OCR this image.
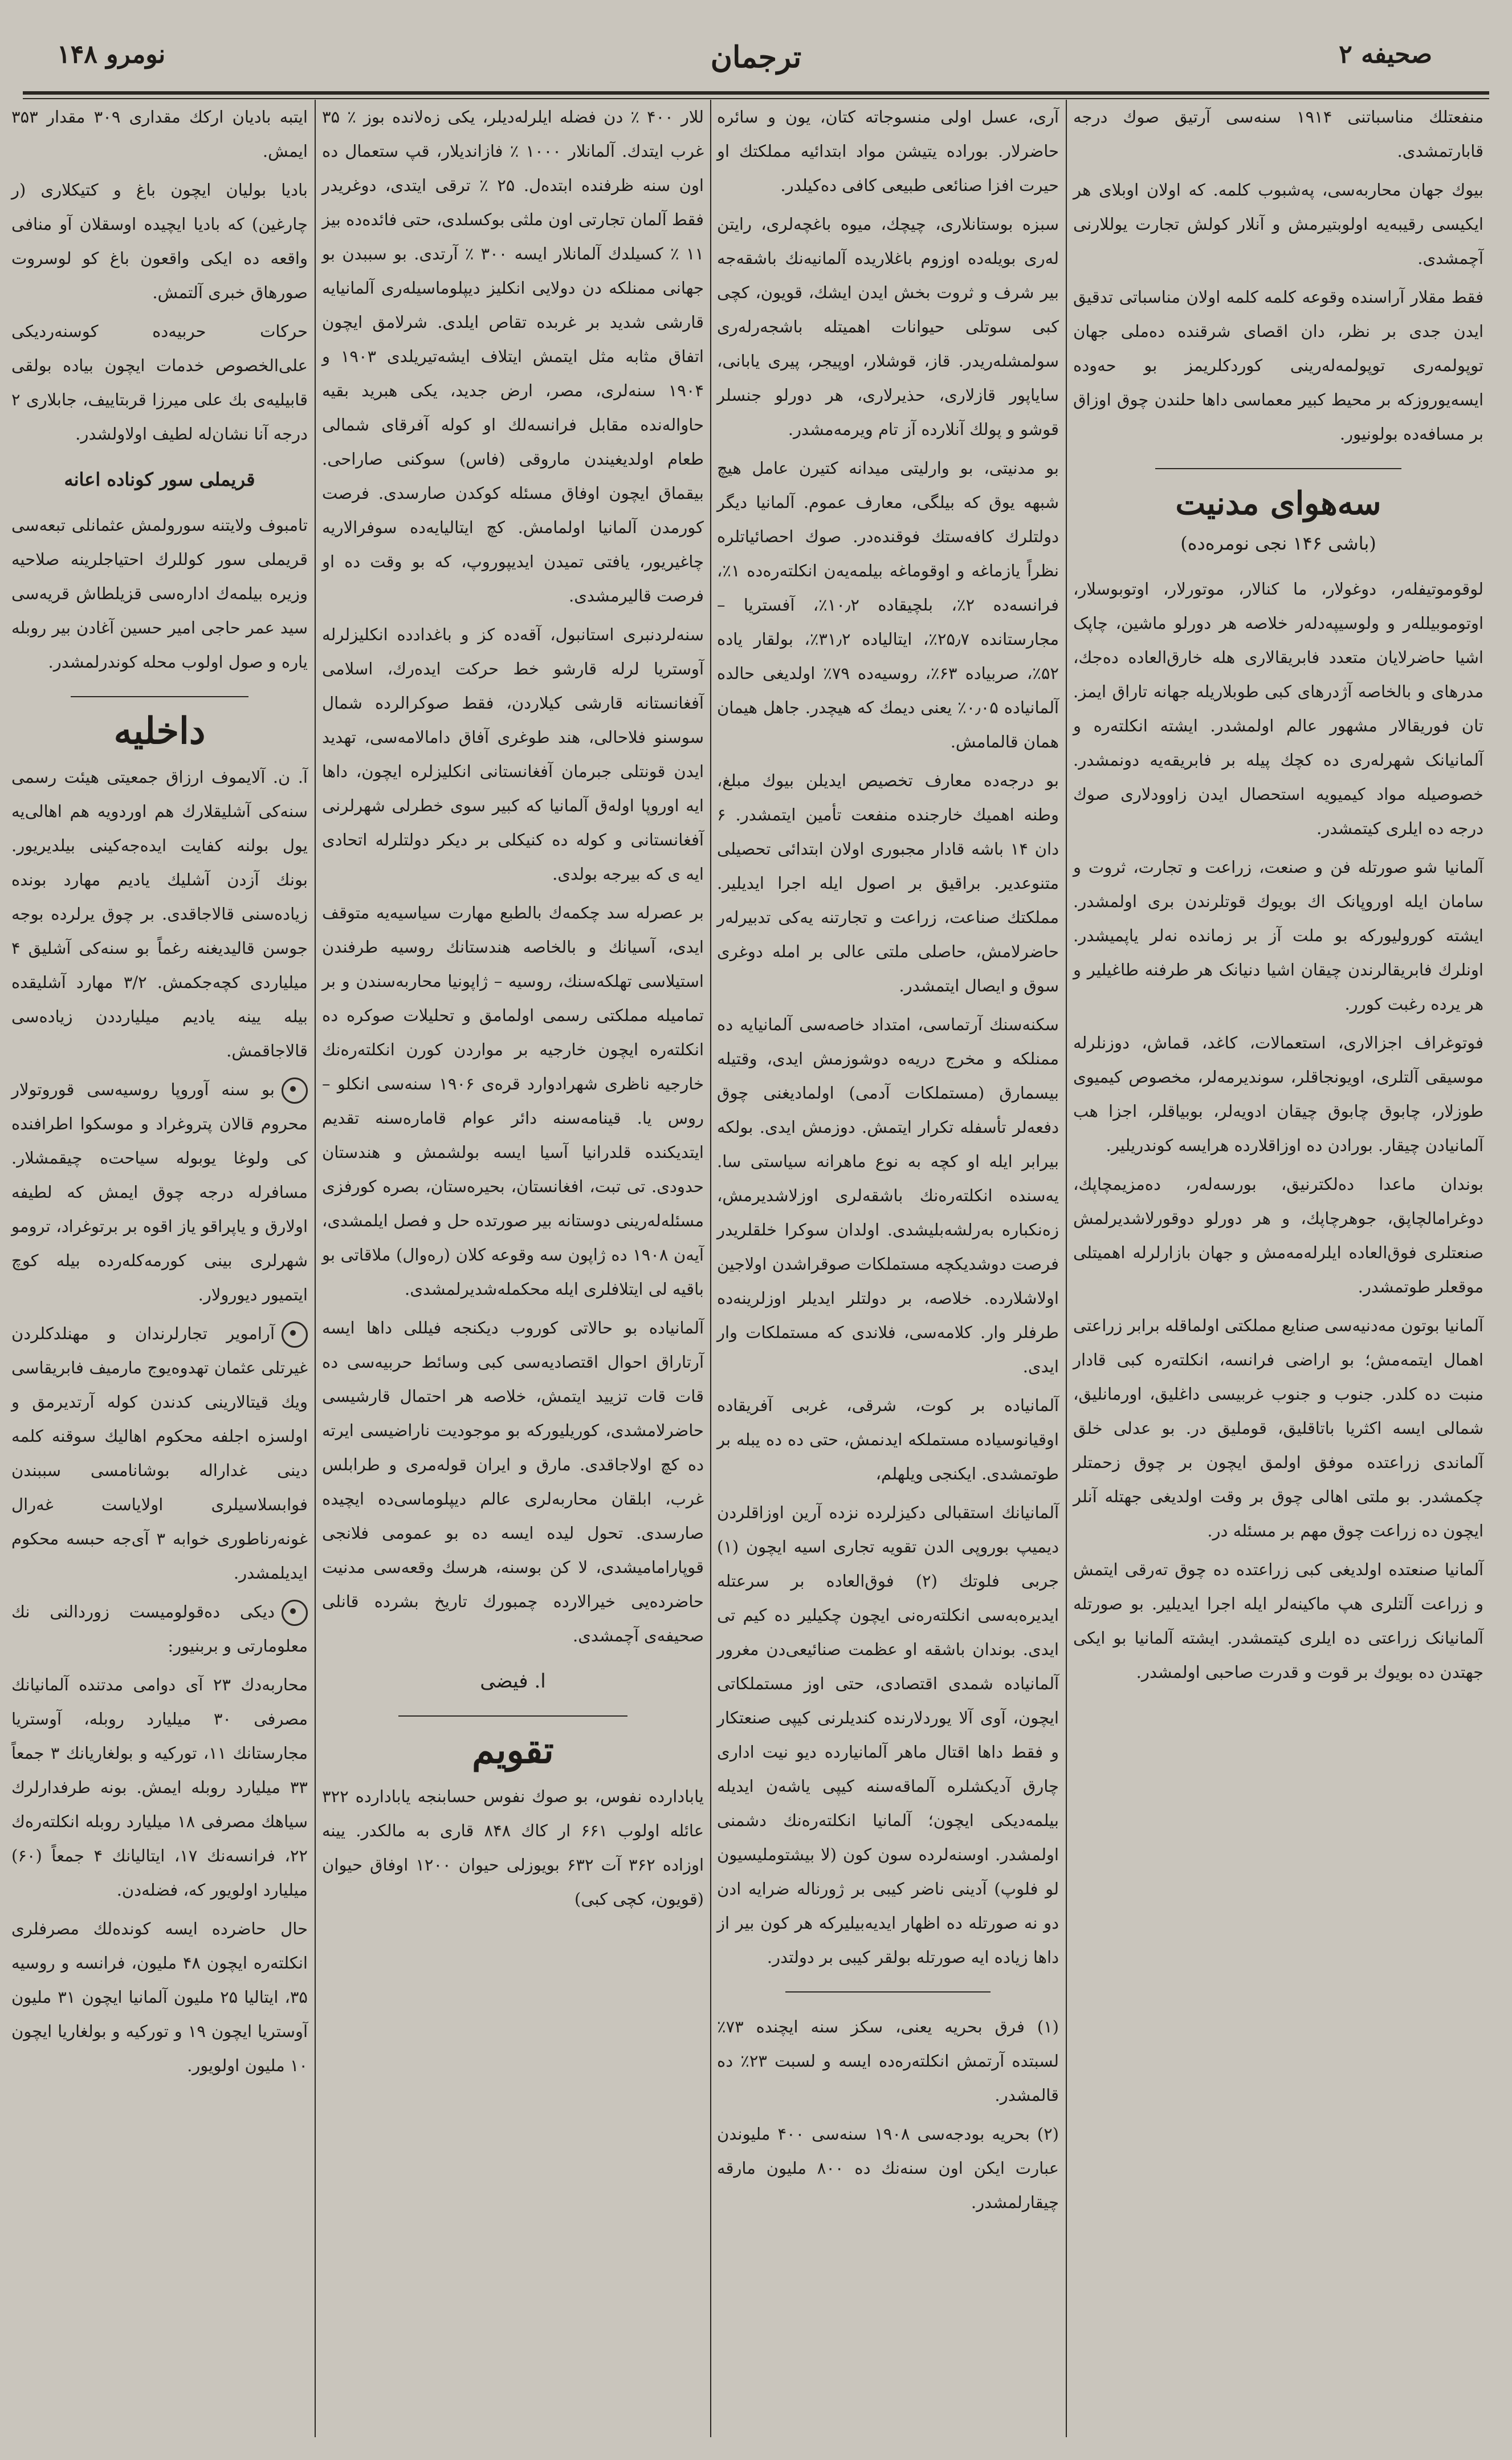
صحیفه ۲
ترجمان
نومرو ۱۴۸

منفعتلك مناسباتنی ۱۹۱۴ سنەسی آرتیق صوك درجه قابارتمشدی.

بیوك جهان محاربەسی، پەشبوب کلمه. که اولان اوبلای هر ایکیسی رقیبەیه اولوبتیرمش و آنلار کولش تجارت یوللارنی آچمشدی.

فقط مقلار آراسنده وقوعه کلمه کلمه اولان مناسباتی تدقیق ایدن جدی بر نظر، دان اقصای شرقنده دەملی جهان توپولمەری توپولمەلەرینی کوردکلریمز بو حەوده ایسەیوروزکه بر محیط کبیر معماسی داها حلندن چوق اوزاق بر مسافەده بولونیور.

سەهوای مدنیت
(باشی ۱۴۶ نجی نومرەده)

لوقوموتیفلەر، دوغولار، ما کنالار، موتورلار، اوتوبوسلار، اوتوموبیللەر و ولوسیپەدلەر خلاصه هر دورلو ماشین، چاپک اشیا حاضرلایان متعدد فابریقالاری هله خارق‌العاده دەجك، مدرهای و بالخاصه آژدرهای کبی طوبلاریله جهانه تاراق ایمز. تان فوریقالار مشهور عالم اولمشدر. ایشته انکلتەره و آلمانیانک شهرلەری ده کچك پیله بر فابریقه‌یه دونمشدر. خصوصیله مواد کیمیویه استحصال ایدن زاوودلاری صوك درجه دە ایلری کیتمشدر.

آلمانیا شو صورتله فن و صنعت، زراعت و تجارت، ثروت و سامان ایله اوروپانک اك بویوك قوتلرندن بری اولمشدر. ایشته کورولیورکه بو ملت آز بر زمانده نەلر یاپمیشدر. اونلرك فابریقالرندن چیقان اشیا دنیانک هر طرفنه طاغیلیر و هر یرده رغبت کورر.

فوتوغراف اجزالاری، استعمالات، کاغد، قماش، دوزنلرله موسیقی آلتلری، اویونجاقلر، سوندیرمه‌لر، مخصوص کیمیوی طوزلار، چابوق چابوق چیقان ادویه‌لر، بوبیاقلر، اجزا هب آلمانیادن چیقار. بورادن ده اوزاقلارده هرایسه کوندریلیر.

بوندان ماعدا دەلکترنیق، بورسەلەر، دەمزیمچاپك، دوغرامالچاپق، جوهرچاپك، و هر دورلو دوقورلاشدیرلمش صنعتلری فوق‌العاده ایلرلەمەمش و جهان بازارلرلە اهمیتلی موقعلر طوتمشدر.

آلمانیا بوتون مەدنیەسی صنایع مملکتی اولماقله برابر زراعتی اهمال ایتمەمش؛ بو اراضی فرانسه، انکلتەره کبی قادار منبت ده کلدر. جنوب و جنوب غربیسی داغلیق، اورمانلیق، شمالی ایسه اکثریا باتاقلیق، قوملیق در. بو عدلی خلق آلماندی زراعتده موفق اولمق ایچون بر چوق زحمتلر چکمشدر. بو ملتی اهالی چوق بر وقت اولدیغی جهتله آنلر ایچون ده زراعت چوق مهم بر مسئله در.

آلمانیا صنعتده اولدیغی کبی زراعتده ده چوق تەرقی ایتمش و زراعت آلتلری هپ ماکینەلر ایله اجرا ایدیلیر. بو صورتله آلمانیانک زراعتی ده ایلری کیتمشدر. ایشته آلمانیا بو ایکی جهتدن ده بویوك بر قوت و قدرت صاحبی اولمشدر.

آری، عسل اولی منسوجاته کتان، یون و سائره حاضرلار. بورادە یتیشن مواد ابتدائیه مملکتك او حیرت افزا صنائعی طبیعی کافی دەکیلدر.

سبزه بوستانلاری، چیچك، میوه باغچەلری، رایتن لەری بویلەده اوزوم باغلاریدە آلمانیەنك باشقەجه بیر شرف و ثروت بخش ایدن ایشك، قویون، کچی کبی سوتلی حیوانات اهمیتله باشجەرلەری سولمشلەریدر. قاز، قوشلار، اوپیجر، پیری یابانی، سایاپور قازلاری، حذیرلاری، هر دورلو جنسلر قوشو و پولك آنلاردە آز تام ویرمەمشدر.

بو مدنیتی، بو وارلیتی میدانه کتیرن عامل هیچ شبهه یوق که بیلگی، معارف عموم. آلمانیا دیگر دولتلرك کافه‌ستك فوقندەدر. صوك احصائیاتلره نظراً یازماغه و اوقوماغه بیلمەیەن انکلتەرەده ۱٪، فرانسەده ۲٪، بلچیقاده ۱۰٫۲٪، آفستریا – مجارستانده ۲۵٫۷٪، ایتالیاده ۳۱٫۲٪، بولقار یاده ۵۲٪، صربیاده ۶۳٪، روسیەده ۷۹٪ اولدیغی حالده آلمانیاده ۰٫۰۵٪ یعنی دیمك که هیچدر. جاهل هیمان همان قالمامش.

بو درجه‌ده معارف تخصیص ایدیلن بیوك مبلغ، وطنه اهمیك خارجنده منفعت تأمین ایتمشدر. ۶ دان ۱۴ باشه قادار مجبوری اولان ابتدائی تحصیلی متنوعدیر. براقیق بر اصول ایله اجرا ایدیلیر. مملکتك صناعت، زراعت و تجارتنه یەکی تدبیرلەر حاضرلامش، حاصلی ملتی عالی بر امله دوغری سوق و ایصال ایتمشدر.

سکنەسنك آرتماسی، امتداد خاصه‌سی آلمانیایه دە ممنلکه و مخرج دریه‌ه دوشوزمش ایدی، وقتیله بیسمارق (مستملکات آدمی) اولمادیغنی چوق دفعه‌لر تأسفله تکرار ایتمش. دوزمش ایدی. بولکه بیرابر ایله او کچه به نوع ماهرانه سیاستی سا. یەسنده انکلتەرەنك باشقەلری اوزلاشدیرمش، زەنکباره بەرلشەبلیشدی. اولدان سوکرا خلقلریدر فرصت دوشدیکچە مستملکات صوقراشدن اولاجین اولاشلارده. خلاصه، بر دولتلر ایدیلر اوزلرینه‌ده طرفلر وار. کلامەسی، فلاندی که مستملکات وار ایدی.

آلمانیادە بر کوت، شرقی، غربی آفریقاده اوقیانوسیاده مستملکه ایدنمش، حتی ده ده یبلە بر طوتمشدی. ایکنجی ویلهلم،

آلمانیانك استقبالی دکیزلرده نزده آرین اوزاقلردن دیمیپ بوروپی الدن تقویه تجاری اسیه ایچون (۱) جربی فلوتك (۲) فوق‌العاده بر سرعتله ایدیرەبەسی انکلتەرەنی ایچون چکیلیر ده کیم تی ایدی. بوندان باشقه او عظمت صنائیعی‌دن مغرور آلمانیاده شمدی اقتصادی، حتی اوز مستملکاتی ایچون، آوی آلا یوردلارنده کندیلرنی کیپی صنعتکار و فقط داها اقتال ماهر آلمانیارده دیو نیت اداری چارق آدیكشلره آلماقه‌سنه کیپی یاشەن ایدیله بیلمەدیکی ایچون؛ آلمانیا انکلتەرەنك دشمنی اولمشدر. اوسنەلرده سون کون (لا بیشتوملیسیون لو فلوپ) آدینی ناضر کیبی بر ژورناله ضرایه ادن دو نه صورتله ده اظهار ایدیه‌بیلیرکه هر کون بیر از داها زیاده ایه صورتله بولقر کیبی بر دولتدر.

(۱) فرق بحریه یعنی، سکز سنه ایچنده ۷۳٪ لسبتده آرتمش انکلتەره‌ده ایسه و لسبت ۲۳٪ ده قالمشدر.

(۲) بحریه بودجه‌سی ۱۹۰۸ سنەسی ۴۰۰ ملیوندن عبارت ایکن اون سنه‌نك ده ۸۰۰ ملیون مارقه چیقارلمشدر.

للار ۴۰۰ ٪ دن فضله ایلرله‌دیلر، یکی زەلاندە بوز ٪ ۳۵ غرب ایتدك. آلمانلار ۱۰۰۰ ٪ فازاندیلار، قپ ستعمال ده اون سنه ظرفنده ابتدەل. ۲۵ ٪ ترقی ایتدی، دوغریدر فقط آلمان تجارتی اون ملثی بوکسلدی، حتی فائدەده بیز ۱۱ ٪ کسیلدك آلمانلار ایسه ۳۰۰ ٪ آرتدی. بو سببدن بو جهانی ممنلکه دن دولایی انکلیز دیپلوماسیلەری آلمانیایه قارشی شدید بر غربده تقاص ایلدی. شرلامق ایچون اتفاق مثابه مثل ایتمش ایتلاف ایشه‌تیریلدی ۱۹۰۳ و ۱۹۰۴ سنه‌لری، مصر، ارض جدید، یکی هبرید بقیه حاوالەنده مقابل فرانسه‌لك او کوله آفرقای شمالی طعام اولدیغیندن ماروقی (فاس) سوکنی صاراحی. بیقماق ایچون اوفاق مسئله کوکدن صارسدی. فرصت کورمدن آلمانیا اولمامش. کچ ایتالیایەده سوفرالاریه چاغیریور، یافتی تمیدن ایدیپوروپ، که بو وقت ده او فرصت قالیرمشدی.

سنه‌لردنبری استانبول، آقەده کز و باغدادده انکلیزلرله آوستریا لرله قارشو خط حرکت ایده‌رك، اسلامی آفغانستانه قارشی کیلاردن، فقط صوکرالرده شمال سوسنو فلاحالی، هند طوغری آفاق دامالامه‌سی، تهدید ایدن قونتلی جبرمان آفغانستانی انکلیزلره ایچون، داها ایه اوروپا اولەق آلمانیا که کبیر سوی خطرلی شهرلرنی آفغانستانی و کوله ده کنیكلی بر دیکر دولتلرله اتحادی ایه ی که بیرجه بولدی.

بر عصرلە سد چکمەك بالطبع مهارت سیاسیه‌یه متوقف ایدی، آسیانك و بالخاصه هندستانك روسیه طرفندن استیلاسی تهلکه‌سنك، روسیه – ژاپونیا محاربەسندن و بر تمامیله مملکتی رسمی اولمامق و تحلیلات صوکره ده انکلتەره ایچون خارجیه بر مواردن کورن انکلتەره‌نك خارجیه ناظری شهرادوارد قرەی ۱۹۰۶ سنەسی انکلو – روس یا. قینامه‌سنه دائر عوام قامارەسنه تقدیم ایتدیکنده قلدرانیا آسیا ایسه بولشمش و هندستان حدودی. تی تبت، افغانستان، بحیرەستان، بصره کورفزی مسئلەلەرینی دوستانه بیر صورتده حل و فصل ایلمشدی، آیەن ۱۹۰۸ ده ژاپون سه وقوعه کلان (رەوال) ملاقاتی بو باقیه لی ایتلافلری ایله محکملەشدیرلمشدی.

آلمانیاده بو حالاتی کوروب دیکنجه فیللی داها ایسه آرتاراق احوال اقتصادیه‌سی کبی وسائط حربیه‌سی ده قات قات تزیید ایتمش، خلاصه هر احتمال قارشیسی حاضرلامشدی، کوریلیورکه بو موجودیت ناراضیسی ایرته ده کچ اولاجاقدی. مارق و ایران قولەمری و طرابلس غرب، ابلقان محاربەلری عالم دیپلوماسی‌ده ایچیده صارسدی. تحول لیده ایسه ده بو عمومی فلانجی قوپارامامیشدی، لا کن بوسنه، هرسك وقعه‌سی مدنیت حاضرده‌یی خیرالارده چمبورك تاریخ بشرده قانلی صحیفه‌ی آچمشدی.

ا. فیضی
تقویم

یابادارده نفوس، بو صوك نفوس حسابنجه یابادارده ۳۲۲ عائله اولوب ۶۶۱ ار کاك ۸۴۸ قاری به مالکدر. یینه اوزاده ۳۶۲ آت ۶۳۲ بویوزلی حیوان ۱۲۰۰ اوفاق حیوان (قویون، کچی کبی)

ایتبه بادیان ارکك مقداری ۳۰۹ مقدار ۳۵۳ ایمش.

بادیا بولیان ایچون باغ و کتیکلاری (ر چارغین) که بادیا ایچیده اوسقلان آو منافی واقعه ده ایکی واقعون باغ کو لوسروت صورهاق خبری آلتمش.

حرکات حربیه‌ده کوسنه‌ردیکی علی‌الخصوص خدمات ایچون بیاده بولقی قابیلیه‌ی بك علی میرزا قربتاییف، جابلاری ۲ درجه آنا نشان‌له لطیف اولاولشدر.

قریملی سور کوناده اعانه

تامبوف ولایتنه سورولمش عثمانلی تبعه‌سی قریملی سور کوللرك احتیاجلرینه صلاحیه وزیره بیلمه‌ك اداره‌سی قزیلطاش قریەسی سید عمر حاجی امیر حسین آغا‌دن بیر روبله یاره و صول اولوب محله کوندرلمشدر.

داخلیه

آ. ن. آلایموف ارزاق جمعیتی هیئت رسمی سنه‌کی آشلیقلارك هم اوردو‌یه هم اهالی‌یه یول بولنه کفایت ایده‌جه‌کینی بیلدیریور. بونك آزدن آشلیك یادیم مهارد بونده زیاده‌سنی قالاجاقدی. بر چوق یرلرده بوجه جوسن قالیدیغنه رغماً بو سنه‌کی آشلیق ۴ میلیاردی کچه‌جکمش. ۳/۲ مهارد آشلیقده بیله یینه یادیم میلیارددن زیاده‌سی قالاجاقمش.

بو سنه آوروپا روسیه‌سی قوروتولار محروم قالان پتروغراد و موسکوا اطرافنده کی ولوغا یوبوله سیاحت‌ه چیقمشلار. مسافرله درجه چوق ایمش که لطیفه اولارق و یاپراقو یاز اقوه بر برتوغراد، ترومو شهرلری بینی کورمەکلەرده بیله کوچ ایتمیور دیورولار.

آرامویر تجارلرندان و مهنلدکلردن غیرتلی عثمان تهدوه‌یوج مارمیف فابریقاسی ویك قیتالارینی کدندن کوله آرتدیرمق و اولسزه اجلفه محکوم اهالیك سوقنه کلمه دینی غداراله بوشانامسی سببندن فوابسلاسیلری اولایاست غه‌رال غونه‌رناطوری خوابه ۳ آی‌جه حبسه محکوم ایدیلمشدر.

دیکی ده‌قولومیست زوردالنی نك معلومارتی و بربنیور:

محاربه‌دك ۲۳ آی دوامی مدتنده آلمانیانك مصرفی ۳۰ میلیارد روبله، آوستریا مجارستانك ۱۱، تورکیه و بولغاریانك ۳ جمعاً ۳۳ میلیارد روبله ایمش. بونه طرفدارلرك سیاهك مصرفی ۱۸ میلیارد روبله انکلتەرەك ۲۲، فرانسه‌نك ۱۷، ایتالیانك ۴ جمعاً (۶۰) میلیارد اولویور که، فضله‌دن.

حال حاضرده ایسه کونده‌لك مصرفلری انکلتەره ایچون ۴۸ ملیون، فرانسه و روسیه ۳۵، ایتالیا ۲۵ ملیون آلمانیا ایچون ۳۱ ملیون آوستریا ایچون ۱۹ و تورکیه و بولغاریا ایچون ۱۰ ملیون اولویور.
